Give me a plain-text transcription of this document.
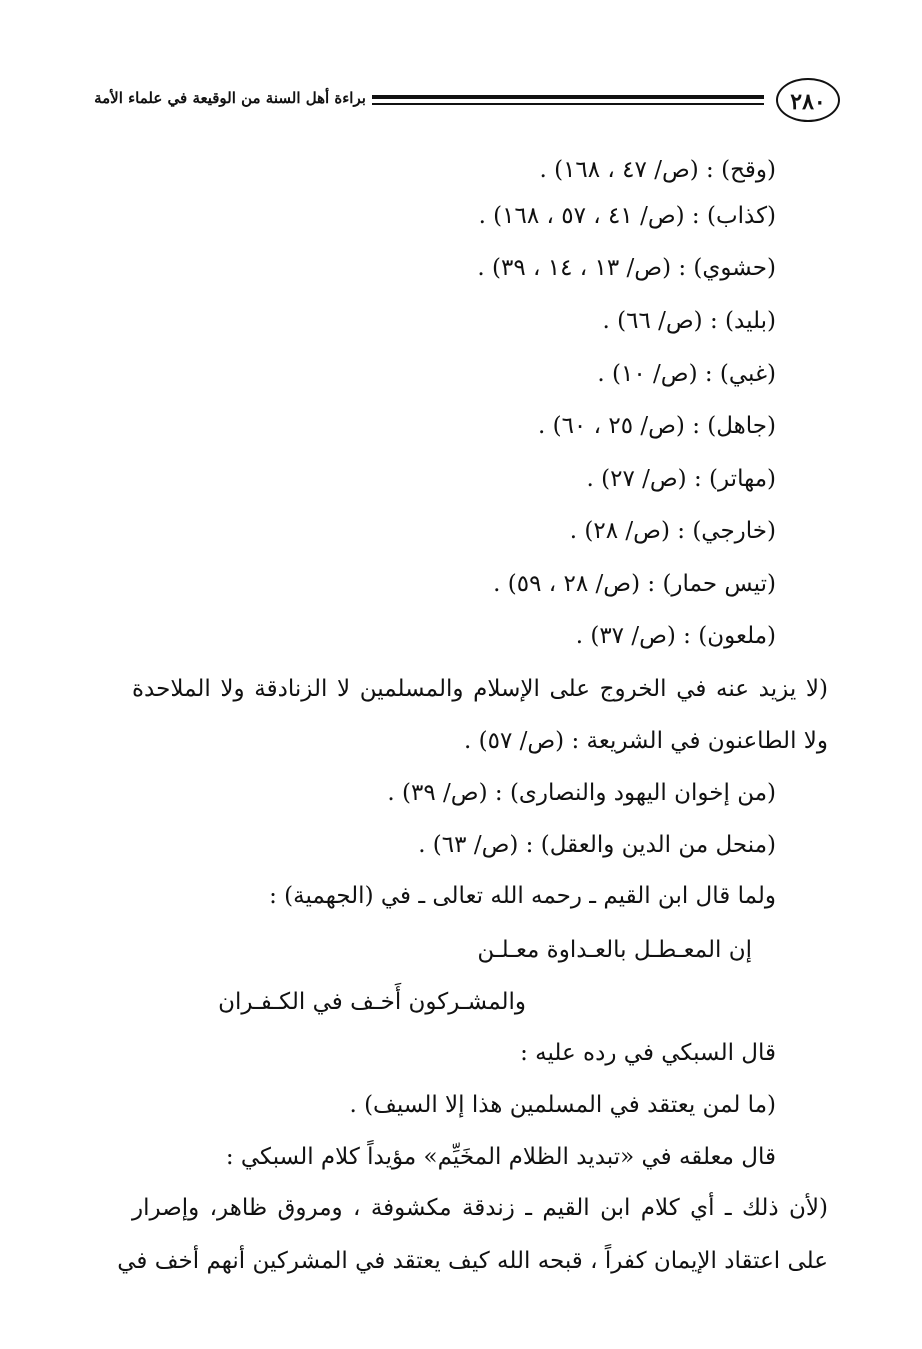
براءة أهل السنة من الوقيعة في علماء الأمة	٢٨٠
(وقح) : (ص/ ٤٧ ، ١٦٨) .
(كذاب) : (ص/ ٤١ ، ٥٧ ، ١٦٨) .
(حشوي) : (ص/ ١٣ ، ١٤ ، ٣٩) .
(بليد) : (ص/ ٦٦) .
(غبي) : (ص/ ١٠) .
(جاهل) : (ص/ ٢٥ ، ٦٠) .
(مهاتر) : (ص/ ٢٧) .
(خارجي) : (ص/ ٢٨) .
(تيس حمار) : (ص/ ٢٨ ، ٥٩) .
(ملعون) : (ص/ ٣٧) .
(لا يزيد عنه في الخروج على الإسلام والمسلمين لا الزنادقة ولا الملاحدة
ولا الطاعنون في الشريعة : (ص/ ٥٧) .
(من إخوان اليهود والنصارى) : (ص/ ٣٩) .
(منحل من الدين والعقل) : (ص/ ٦٣) .
ولما قال ابن القيم ـ رحمه الله تعالى ـ في (الجهمية) :
إن المعـطـل بالعـداوة معـلـن
والمشـركون أَخـف في الكـفـران
قال السبكي في رده عليه :
(ما لمن يعتقد في المسلمين هذا إلا السيف) .
قال معلقه في «تبديد الظلام المخَيِّم» مؤيداً كلام السبكي :
(لأن ذلك ـ أي كلام ابن القيم ـ زندقة مكشوفة ، ومروق ظاهر، وإصرار
على اعتقاد الإيمان كفراً ، قبحه الله كيف يعتقد في المشركين أنهم أخف في
